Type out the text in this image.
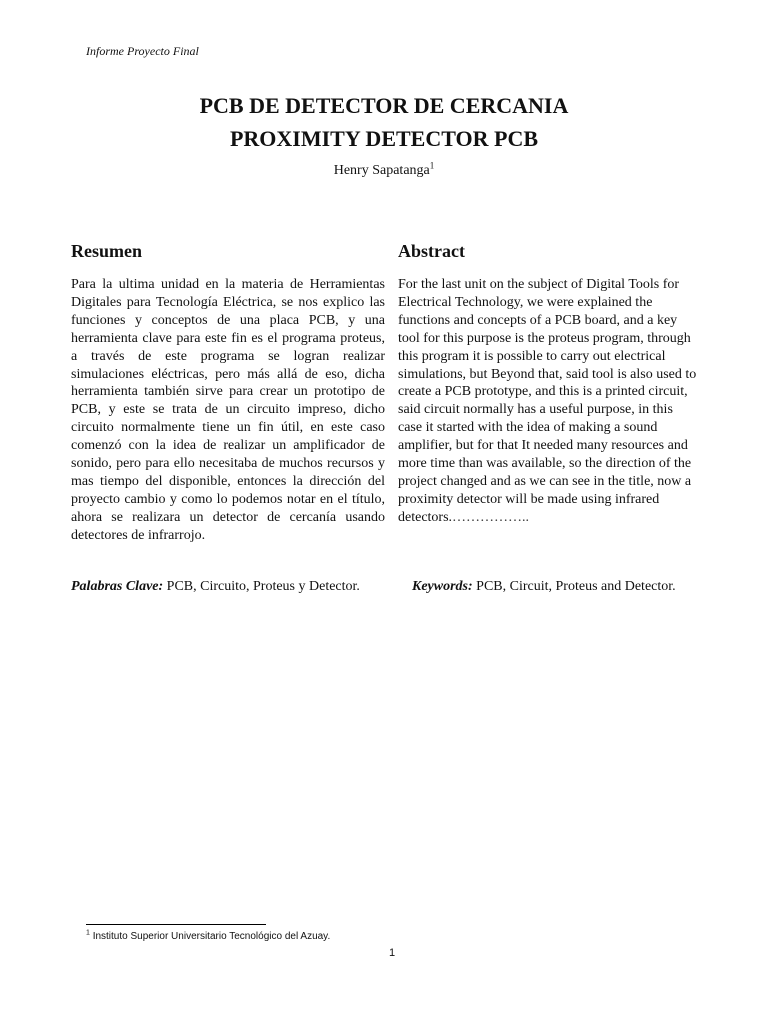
Informe Proyecto Final
PCB DE DETECTOR DE CERCANIA
PROXIMITY DETECTOR PCB
Henry Sapatanga$^1$
Resumen	Abstract
Para la ultima unidad en la materia de Herramientas Digitales para Tecnología Eléctrica, se nos explico las funciones y conceptos de una placa PCB, y una herramienta clave para este fin es el programa proteus, a través de este programa se logran realizar simulaciones eléctricas, pero más allá de eso, dicha herramienta también sirve para crear un prototipo de PCB, y este se trata de un circuito impreso, dicho circuito normalmente tiene un fin útil, en este caso comenzó con la idea de realizar un amplificador de sonido, pero para ello necesitaba de muchos recursos y mas tiempo del disponible, entonces la dirección del proyecto cambio y como lo podemos notar en el título, ahora se realizara un detector de cercanía usando detectores de infrarrojo.
For the last unit on the subject of Digital Tools for
Electrical Technology, we were explained the
functions and concepts of a PCB board, and a key
tool for this purpose is the proteus program, through
this program it is possible to carry out electrical
simulations, but Beyond that, said tool is also used to
create a PCB prototype, and this is a printed circuit,
said circuit normally has a useful purpose, in this
case it started with the idea of making a sound
amplifier, but for that It needed many resources and
more time than was available, so the direction of the
project changed and as we can see in the title, now a
proximity detector will be made using infrared
detectors.……………..
Palabras Clave: PCB, Circuito, Proteus y Detector.	Keywords: PCB, Circuit, Proteus and Detector.
$^1$ Instituto Superior Universitario Tecnológico del Azuay.
1
